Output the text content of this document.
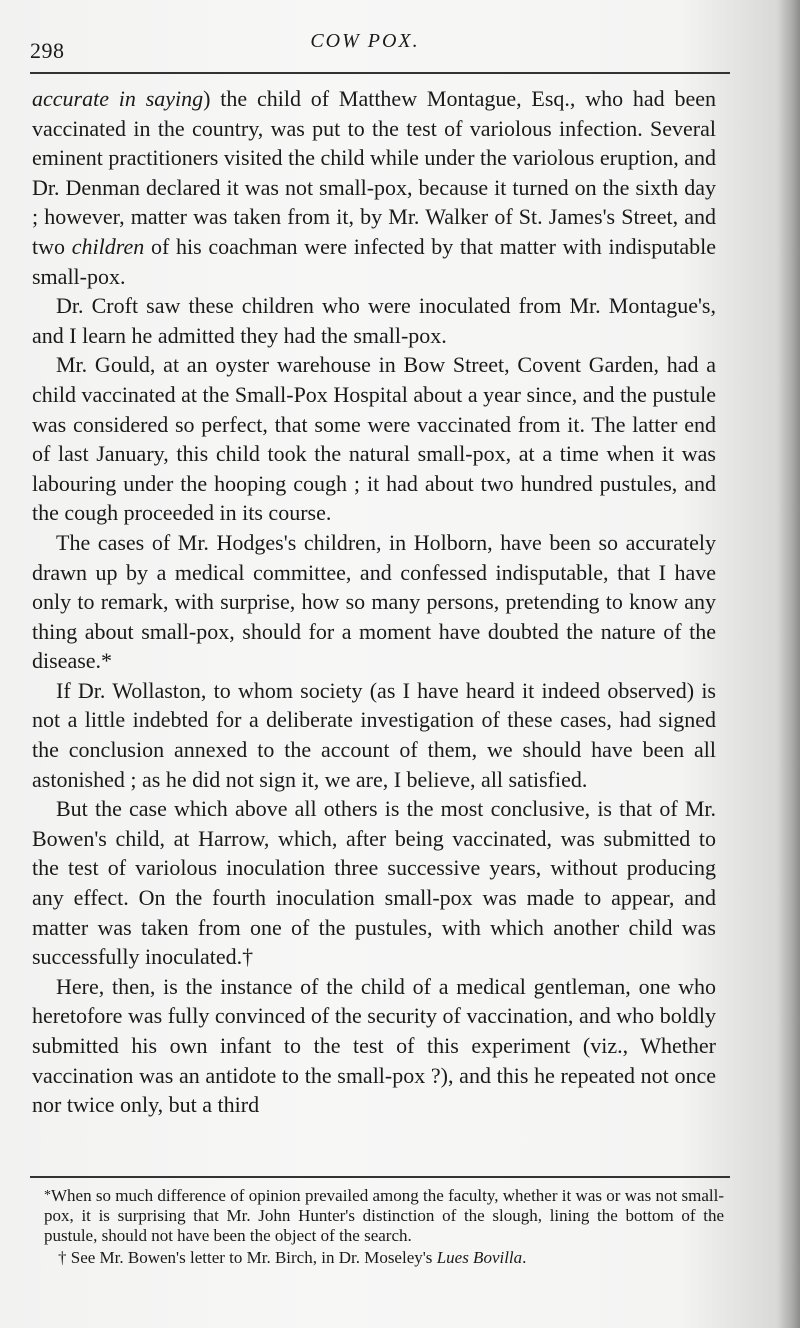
298	COW POX.

accurate in saying) the child of Matthew Montague, Esq., who had been vaccinated in the country, was put to the test of variolous infection. Several eminent practitioners visited the child while under the variolous eruption, and Dr. Denman declared it was not small-pox, because it turned on the sixth day ; however, matter was taken from it, by Mr. Walker of St. James's Street, and two children of his coachman were infected by that matter with indisputable small-pox.

Dr. Croft saw these children who were inoculated from Mr. Montague's, and I learn he admitted they had the small-pox.

Mr. Gould, at an oyster warehouse in Bow Street, Covent Garden, had a child vaccinated at the Small-Pox Hospital about a year since, and the pustule was considered so perfect, that some were vaccinated from it. The latter end of last January, this child took the natural small-pox, at a time when it was labouring under the hooping cough ; it had about two hundred pustules, and the cough proceeded in its course.

The cases of Mr. Hodges's children, in Holborn, have been so accurately drawn up by a medical committee, and confessed indisputable, that I have only to remark, with surprise, how so many persons, pretending to know any thing about small-pox, should for a moment have doubted the nature of the disease.*

If Dr. Wollaston, to whom society (as I have heard it indeed observed) is not a little indebted for a deliberate investigation of these cases, had signed the conclusion annexed to the account of them, we should have been all astonished ; as he did not sign it, we are, I believe, all satisfied.

But the case which above all others is the most conclusive, is that of Mr. Bowen's child, at Harrow, which, after being vaccinated, was submitted to the test of variolous inoculation three successive years, without producing any effect. On the fourth inoculation small-pox was made to appear, and matter was taken from one of the pustules, with which another child was successfully inoculated.†

Here, then, is the instance of the child of a medical gentleman, one who heretofore was fully convinced of the security of vaccination, and who boldly submitted his own infant to the test of this experiment (viz., Whether vaccination was an antidote to the small-pox ?), and this he repeated not once nor twice only, but a third

*When so much difference of opinion prevailed among the faculty, whether it was or was not small-pox, it is surprising that Mr. John Hunter's distinction of the slough, lining the bottom of the pustule, should not have been the object of the search.

† See Mr. Bowen's letter to Mr. Birch, in Dr. Moseley's Lues Bovilla.
